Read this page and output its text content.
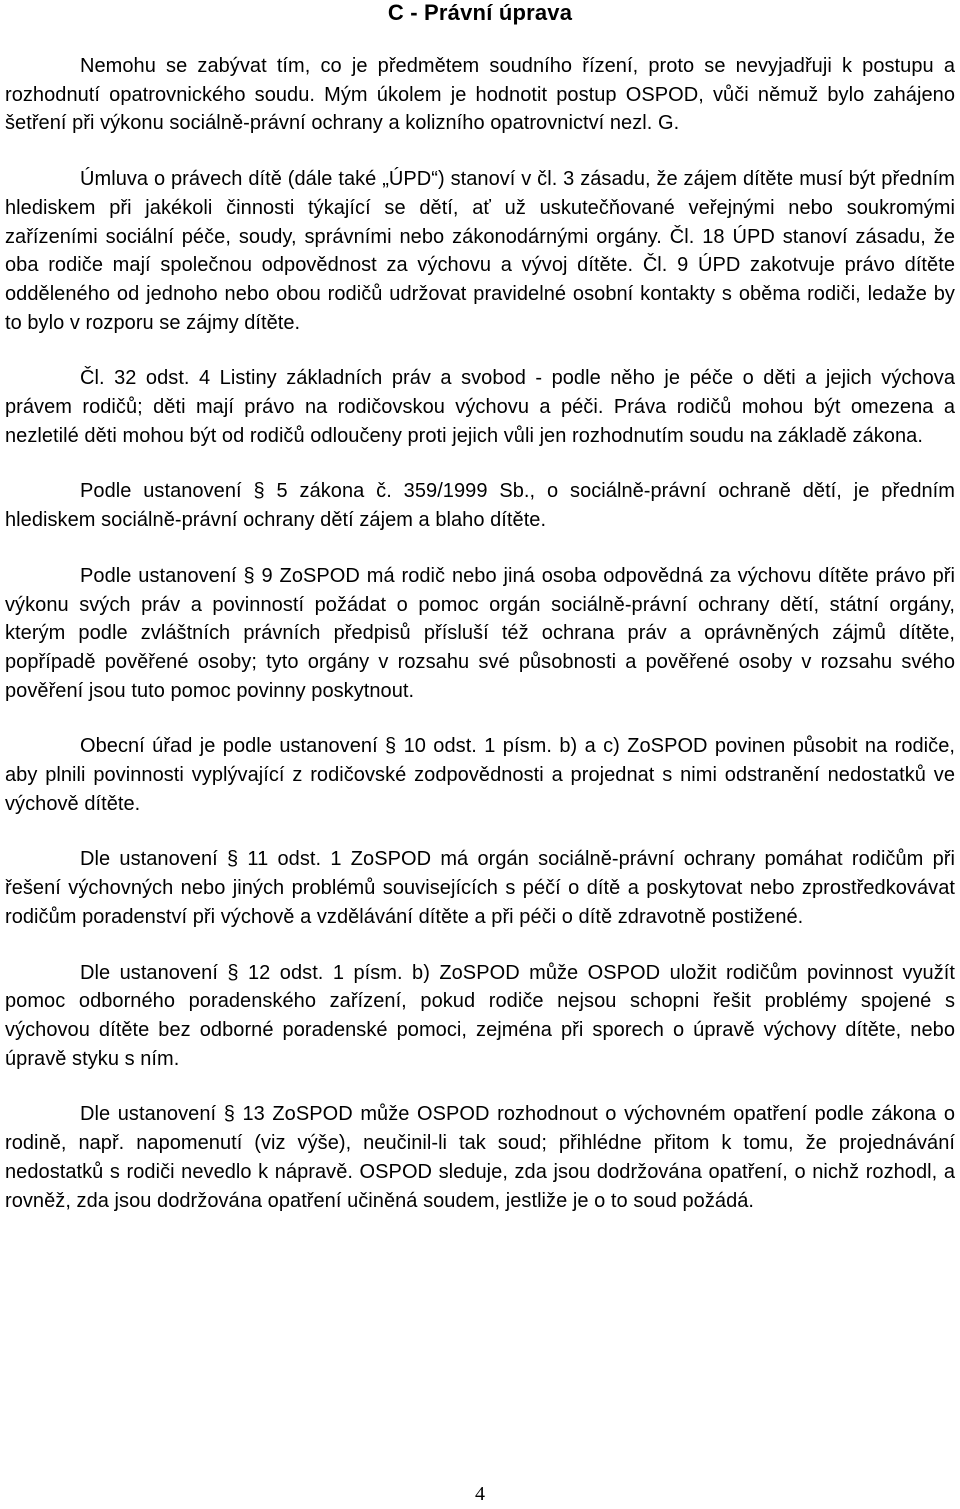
C - Právní úprava

Nemohu se zabývat tím, co je předmětem soudního řízení, proto se nevyjadřuji k postupu a rozhodnutí opatrovnického soudu. Mým úkolem je hodnotit postup OSPOD, vůči němuž bylo zahájeno šetření při výkonu sociálně-právní ochrany a kolizního opatrovnictví nezl. G.

Úmluva o právech dítě (dále také „ÚPD“) stanoví v čl. 3 zásadu, že zájem dítěte musí být předním hlediskem při jakékoli činnosti týkající se dětí, ať už uskutečňované veřejnými nebo soukromými zařízeními sociální péče, soudy, správními nebo zákonodárnými orgány. Čl. 18 ÚPD stanoví zásadu, že oba rodiče mají společnou odpovědnost za výchovu a vývoj dítěte. Čl. 9 ÚPD zakotvuje právo dítěte odděleného od jednoho nebo obou rodičů udržovat pravidelné osobní kontakty s oběma rodiči, ledaže by to bylo v rozporu se zájmy dítěte.

Čl. 32 odst. 4 Listiny základních práv a svobod - podle něho je péče o děti a jejich výchova právem rodičů; děti mají právo na rodičovskou výchovu a péči. Práva rodičů mohou být omezena a nezletilé děti mohou být od rodičů odloučeny proti jejich vůli jen rozhodnutím soudu na základě zákona.

Podle ustanovení § 5 zákona č. 359/1999 Sb., o sociálně-právní ochraně dětí, je předním hlediskem sociálně-právní ochrany dětí zájem a blaho dítěte.

Podle ustanovení § 9 ZoSPOD má rodič nebo jiná osoba odpovědná za výchovu dítěte právo při výkonu svých práv a povinností požádat o pomoc orgán sociálně-právní ochrany dětí, státní orgány, kterým podle zvláštních právních předpisů přísluší též ochrana práv a oprávněných zájmů dítěte, popřípadě pověřené osoby; tyto orgány v rozsahu své působnosti a pověřené osoby v rozsahu svého pověření jsou tuto pomoc povinny poskytnout.

Obecní úřad je podle ustanovení § 10 odst. 1 písm. b) a c) ZoSPOD povinen působit na rodiče, aby plnili povinnosti vyplývající z rodičovské zodpovědnosti a projednat s nimi odstranění nedostatků ve výchově dítěte.

Dle ustanovení § 11 odst. 1 ZoSPOD má orgán sociálně-právní ochrany pomáhat rodičům při řešení výchovných nebo jiných problémů souvisejících s péčí o dítě a poskytovat nebo zprostředkovávat rodičům poradenství při výchově a vzdělávání dítěte a při péči o dítě zdravotně postižené.

Dle ustanovení § 12 odst. 1 písm. b) ZoSPOD může OSPOD uložit rodičům povinnost využít pomoc odborného poradenského zařízení, pokud rodiče nejsou schopni řešit problémy spojené s výchovou dítěte bez odborné poradenské pomoci, zejména při sporech o úpravě výchovy dítěte, nebo úpravě styku s ním.

Dle ustanovení § 13 ZoSPOD může OSPOD rozhodnout o výchovném opatření podle zákona o rodině, např. napomenutí (viz výše), neučinil-li tak soud; přihlédne přitom k tomu, že projednávání nedostatků s rodiči nevedlo k nápravě. OSPOD sleduje, zda jsou dodržována opatření, o nichž rozhodl, a rovněž, zda jsou dodržována opatření učiněná soudem, jestliže je o to soud požádá.

4
